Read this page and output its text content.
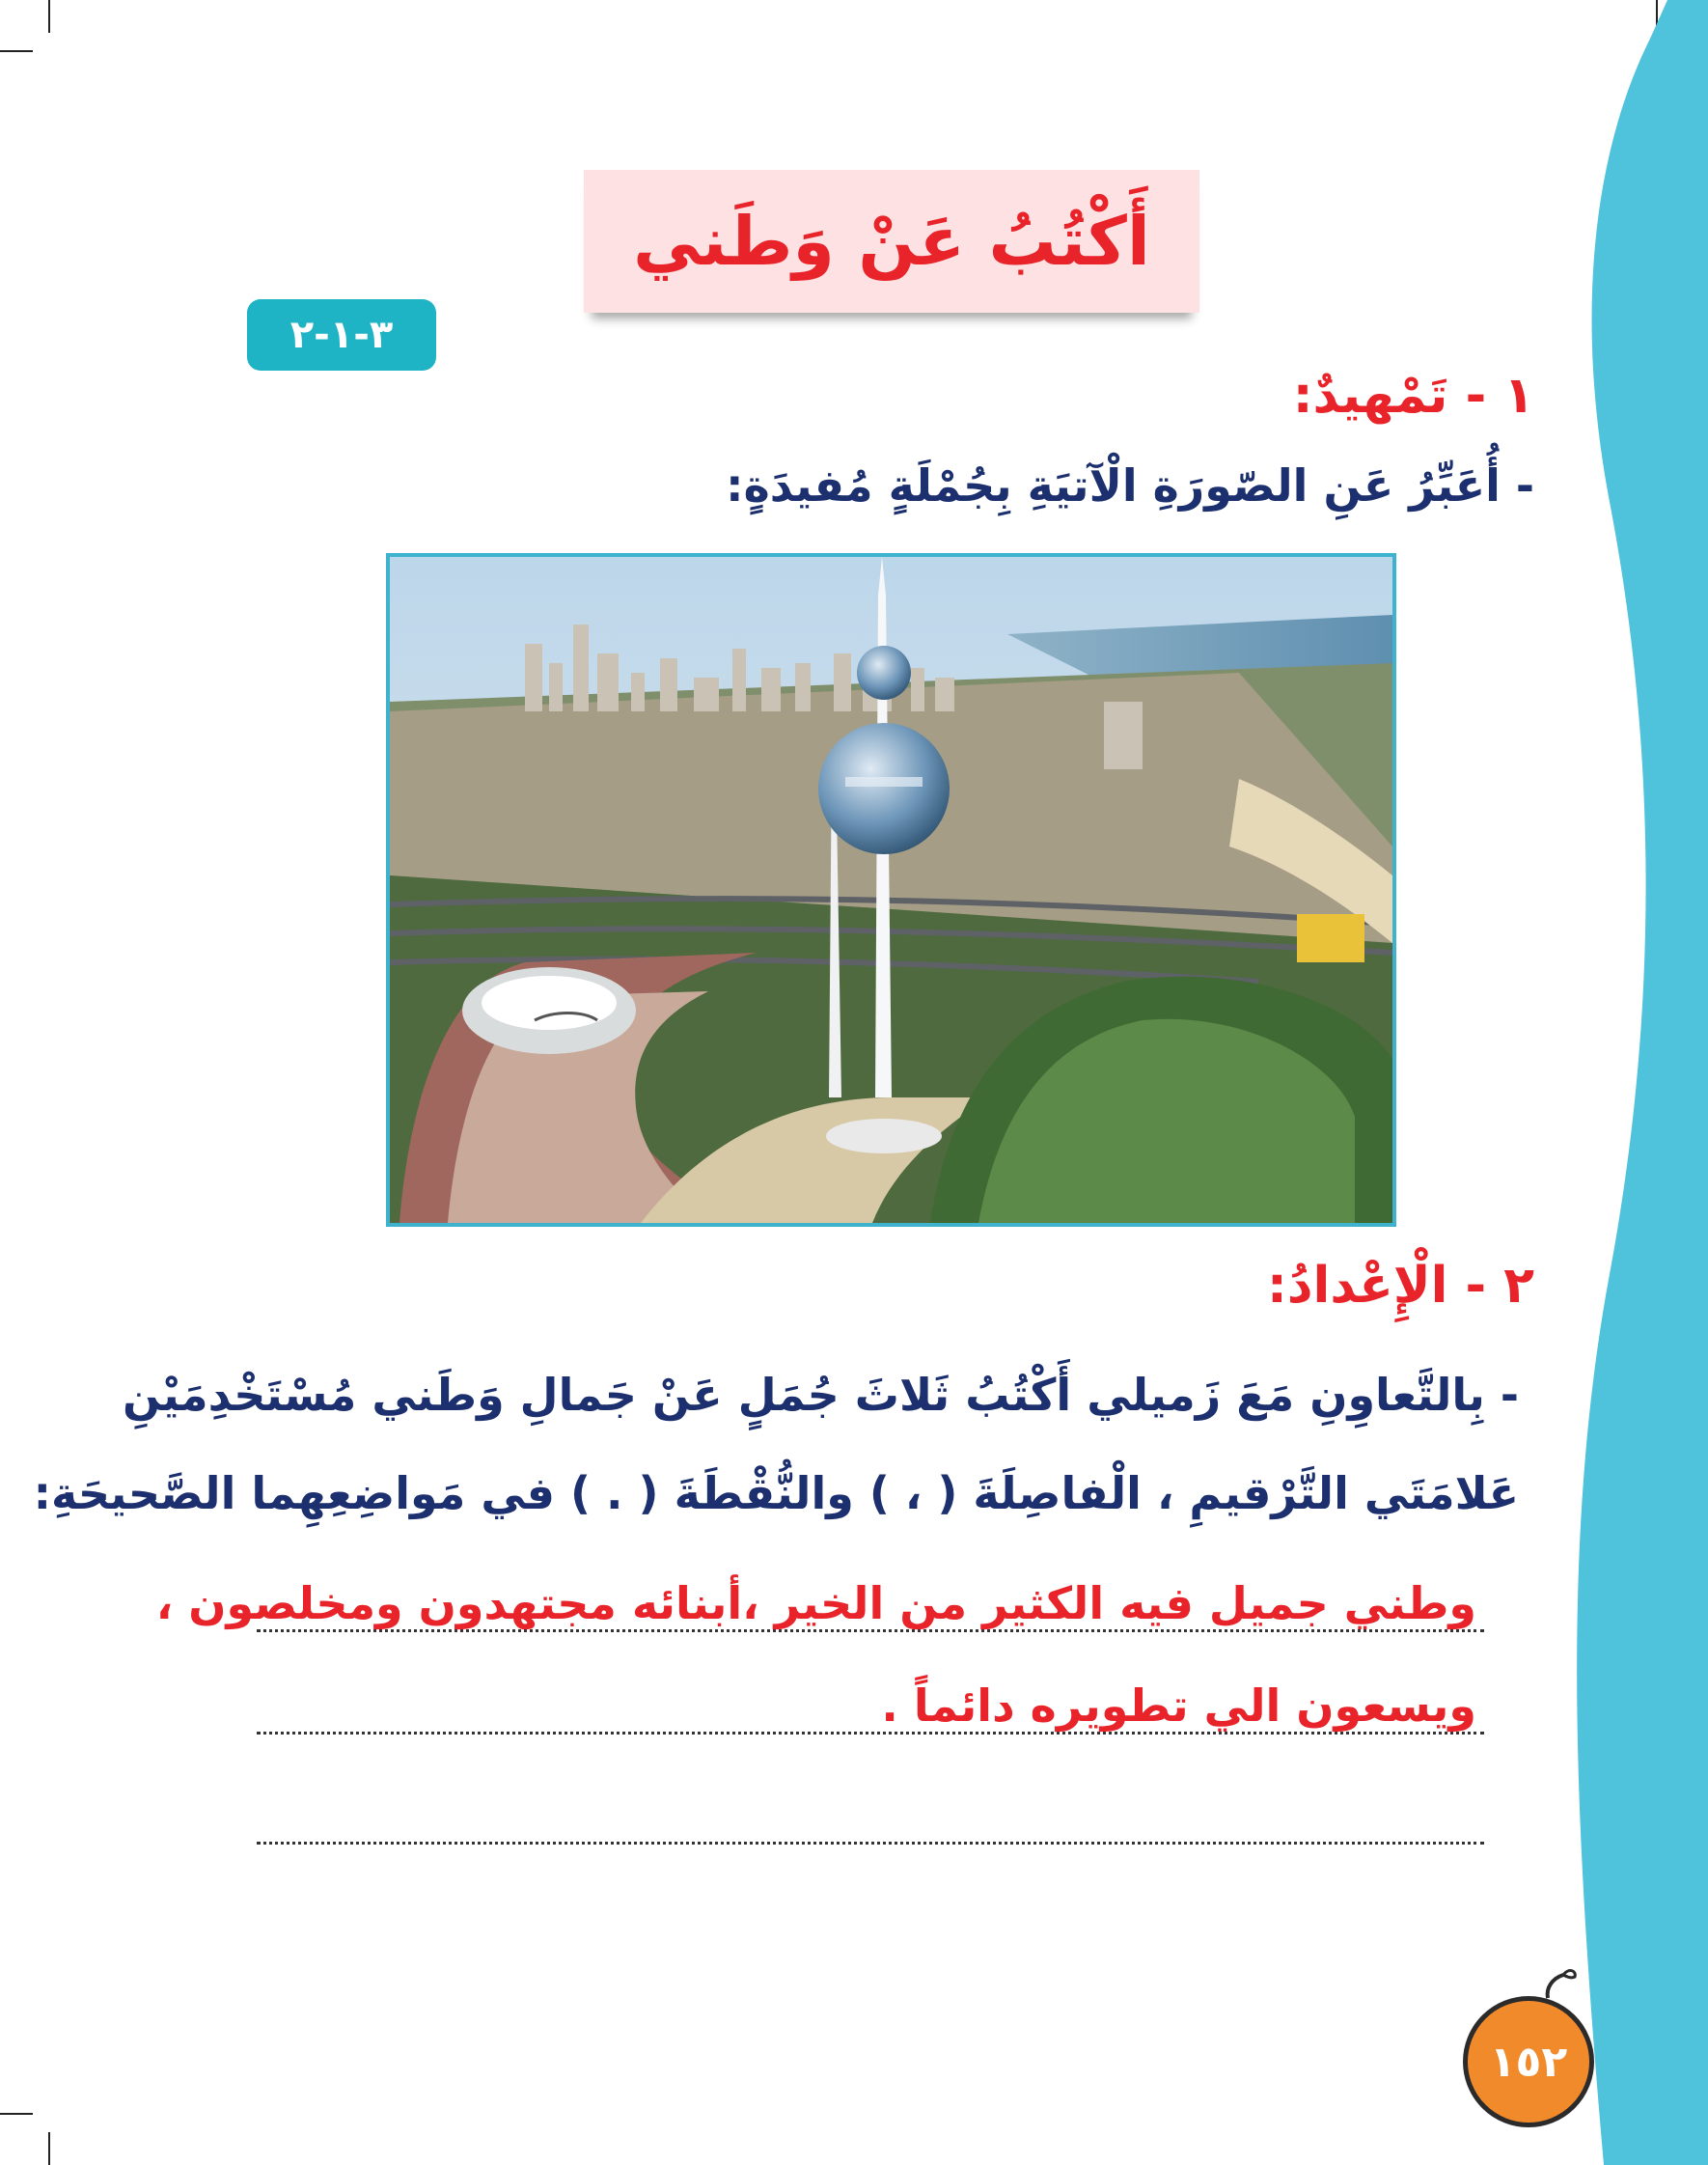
أَكْتُبُ عَنْ وَطَني
٣-١-٢
١ - تَمْهيدٌ:
- أُعَبِّرُ عَنِ الصّورَةِ الْآتيَةِ بِجُمْلَةٍ مُفيدَةٍ:
٢ - الْإِعْدادُ:
- بِالتَّعاوِنِ مَعَ زَميلي أَكْتُبُ ثَلاثَ جُمَلٍ عَنْ جَمالِ وَطَني مُسْتَخْدِمَيْنِ
عَلامَتَي التَّرْقيمِ ، الْفاصِلَةَ ( ، ) والنُّقْطَةَ ( . ) في مَواضِعِهِما الصَّحيحَةِ:
وطني جميل فيه الكثير من الخير ،أبنائه مجتهدون ومخلصون ،
ويسعون الي تطويره دائماً .
١٥٢
